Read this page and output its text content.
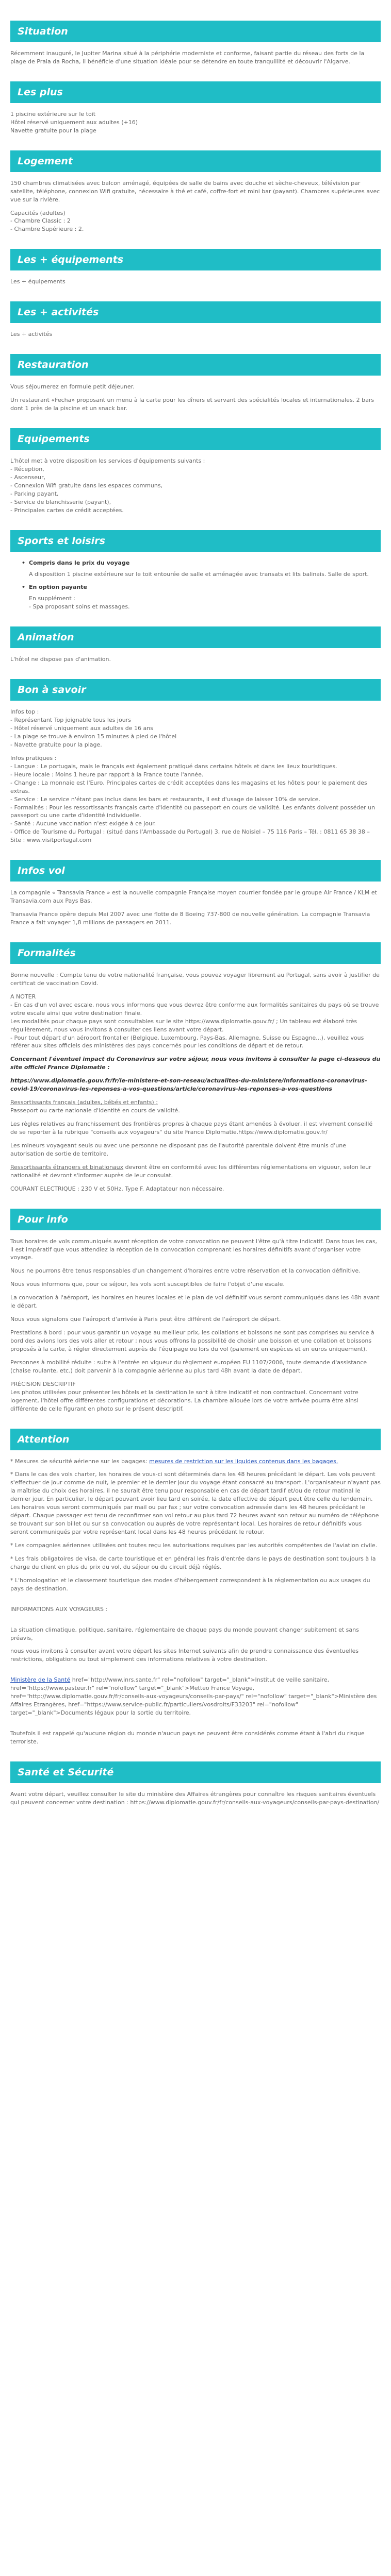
Situation

Récemment inauguré, le Jupiter Marina situé à la périphérie moderniste et conforme, faisant partie du réseau des forts de la plage de Praia da Rocha, il bénéficie d'une situation idéale pour se détendre en toute tranquillité et découvrir l'Algarve.

Les plus
1 piscine extérieure sur le toit
Hôtel réservé uniquement aux adultes (+16)
Navette gratuite pour la plage
Logement

150 chambres climatisées avec balcon aménagé, équipées de salle de bains avec douche et sèche-cheveux, télévision par satellite, téléphone, connexion Wifi gratuite, nécessaire à thé et café, coffre-fort et mini bar (payant). Chambres supérieures avec vue sur la rivière.

Capacités (adultes)
- Chambre Classic : 2
- Chambre Supérieure : 2.
Les + équipements

Les + équipements

Les + activités

Les + activités

Restauration

Vous séjournerez en formule petit déjeuner.

Un restaurant «Fecha» proposant un menu à la carte pour les dîners et servant des spécialités locales et internationales. 2 bars dont 1 près de la piscine et un snack bar.

Equipements
L'hôtel met à votre disposition les services d'équipements suivants :
- Réception,
- Ascenseur,
- Connexion Wifi gratuite dans les espaces communs,
- Parking payant,
- Service de blanchisserie (payant),
- Principales cartes de crédit acceptées.
Sports et loisirs
• Compris dans le prix du voyage
A disposition 1 piscine extérieure sur le toit entourée de salle et aménagée avec transats et lits balinais. Salle de sport.
• En option payante
En supplément :
- Spa proposant soins et massages.
Animation

L'hôtel ne dispose pas d'animation.

Bon à savoir
Infos top :
- Représentant Top joignable tous les jours
- Hôtel réservé uniquement aux adultes de 16 ans
- La plage se trouve à environ 15 minutes à pied de l'hôtel
- Navette gratuite pour la plage.
Infos pratiques :
- Langue : Le portugais, mais le français est également pratiqué dans certains hôtels et dans les lieux touristiques.
- Heure locale : Moins 1 heure par rapport à la France toute l'année.
- Change : La monnaie est l'Euro. Principales cartes de crédit acceptées dans les magasins et les hôtels pour le paiement des extras.
- Service : Le service n'étant pas inclus dans les bars et restaurants, il est d'usage de laisser 10% de service.
- Formalités : Pour les ressortissants français carte d'identité ou passeport en cours de validité. Les enfants doivent posséder un passeport ou une carte d'identité individuelle.
- Santé : Aucune vaccination n'est exigée à ce jour.
- Office de Tourisme du Portugal : (situé dans l'Ambassade du Portugal) 3, rue de Noisiel – 75 116 Paris – Tél. : 0811 65 38 38 – Site : www.visitportugal.com
Infos vol

La compagnie « Transavia France » est la nouvelle compagnie Française moyen courrier fondée par le groupe Air France / KLM et Transavia.com aux Pays Bas.

Transavia France opère depuis Mai 2007 avec une flotte de 8 Boeing 737-800 de nouvelle génération. La compagnie Transavia France a fait voyager 1,8 millions de passagers en 2011.

Formalités

Bonne nouvelle : Compte tenu de votre nationalité française, vous pouvez voyager librement au Portugal, sans avoir à justifier de certificat de vaccination Covid.

A NOTER
- En cas d'un vol avec escale, nous vous informons que vous devrez être conforme aux formalités sanitaires du pays où se trouve votre escale ainsi que votre destination finale.
Les modalités pour chaque pays sont consultables sur le site https://www.diplomatie.gouv.fr/ ; Un tableau est élaboré très régulièrement, nous vous invitons à consulter ces liens avant votre départ.
- Pour tout départ d'un aéroport frontalier (Belgique, Luxembourg, Pays-Bas, Allemagne, Suisse ou Espagne...), veuillez vous référer aux sites officiels des ministères des pays concernés pour les conditions de départ et de retour.

Concernant l'éventuel impact du Coronavirus sur votre séjour, nous vous invitons à consulter la page ci-dessous du site officiel France Diplomatie :

https://www.diplomatie.gouv.fr/fr/le-ministere-et-son-reseau/actualites-du-ministere/informations-coronavirus-covid-19/coronavirus-les-reponses-a-vos-questions/article/coronavirus-les-reponses-a-vos-questions

Ressortissants français (adultes, bébés et enfants) :
Passeport ou carte nationale d'identité en cours de validité.

Les règles relatives au franchissement des frontières propres à chaque pays étant amenées à évoluer, il est vivement conseillé de se reporter à la rubrique "conseils aux voyageurs" du site France Diplomatie.https://www.diplomatie.gouv.fr/

Les mineurs voyageant seuls ou avec une personne ne disposant pas de l'autorité parentale doivent être munis d'une autorisation de sortie de territoire.

Ressortissants étrangers et binationaux devront être en conformité avec les différentes réglementations en vigueur, selon leur nationalité et devront s'informer auprès de leur consulat.

COURANT ELECTRIQUE : 230 V et 50Hz. Type F. Adaptateur non nécessaire.

Pour info

Tous horaires de vols communiqués avant réception de votre convocation ne peuvent l'être qu'à titre indicatif. Dans tous les cas, il est impératif que vous attendiez la réception de la convocation comprenant les horaires définitifs avant d'organiser votre voyage.

Nous ne pourrons être tenus responsables d'un changement d'horaires entre votre réservation et la convocation définitive.

Nous vous informons que, pour ce séjour, les vols sont susceptibles de faire l'objet d'une escale.

La convocation à l'aéroport, les horaires en heures locales et le plan de vol définitif vous seront communiqués dans les 48h avant le départ.

Nous vous signalons que l'aéroport d'arrivée à Paris peut être différent de l'aéroport de départ.

Prestations à bord : pour vous garantir un voyage au meilleur prix, les collations et boissons ne sont pas comprises au service à bord des avions lors des vols aller et retour ; nous vous offrons la possibilité de choisir une boisson et une collation et boissons proposés à la carte, à régler directement auprès de l'équipage ou lors du vol (paiement en espèces et en euros uniquement).

Personnes à mobilité réduite : suite à l'entrée en vigueur du règlement européen EU 1107/2006, toute demande d'assistance (chaise roulante, etc.) doit parvenir à la compagnie aérienne au plus tard 48h avant la date de départ.

PRÉCISION DESCRIPTIF
Les photos utilisées pour présenter les hôtels et la destination le sont à titre indicatif et non contractuel. Concernant votre logement, l'hôtel offre différentes configurations et décorations. La chambre allouée lors de votre arrivée pourra être ainsi différente de celle figurant en photo sur le présent descriptif.
Attention

* Mesures de sécurité aérienne sur les bagages: mesures de restriction sur les liquides contenus dans les bagages.

* Dans le cas des vols charter, les horaires de vous-ci sont déterminés dans les 48 heures précédant le départ. Les vols peuvent s'effectuer de jour comme de nuit, le premier et le dernier jour du voyage étant consacré au transport. L'organisateur n'ayant pas la maîtrise du choix des horaires, il ne saurait être tenu pour responsable en cas de départ tardif et/ou de retour matinal le dernier jour. En particulier, le départ pouvant avoir lieu tard en soirée, la date effective de départ peut être celle du lendemain. Les horaires vous seront communiqués par mail ou par fax ; sur votre convocation adressée dans les 48 heures précédant le départ. Chaque passager est tenu de reconfirmer son vol retour au plus tard 72 heures avant son retour au numéro de téléphone se trouvant sur son billet ou sur sa convocation ou auprès de votre représentant local. Les horaires de retour définitifs vous seront communiqués par votre représentant local dans les 48 heures précédant le retour.

* Les compagnies aériennes utilisées ont toutes reçu les autorisations requises par les autorités compétentes de l'aviation civile.

* Les frais obligatoires de visa, de carte touristique et en général les frais d'entrée dans le pays de destination sont toujours à la charge du client en plus du prix du vol, du séjour ou du circuit déjà réglés.

* L'homologation et le classement touristique des modes d'hébergement correspondent à la réglementation ou aux usages du pays de destination.

INFORMATIONS AUX VOYAGEURS :

La situation climatique, politique, sanitaire, réglementaire de chaque pays du monde pouvant changer subitement et sans préavis,

nous vous invitons à consulter avant votre départ les sites Internet suivants afin de prendre connaissance des éventuelles restrictions, obligations ou tout simplement des informations relatives à votre destination.

Ministère de la Santé href="http://www.inrs.sante.fr" rel="nofollow" target="_blank">Institut de veille sanitaire, href="https://www.pasteur.fr" rel="nofollow" target="_blank">Metteo France Voyage, href="http://www.diplomatie.gouv.fr/fr/conseils-aux-voyageurs/conseils-par-pays/" rel="nofollow" target="_blank">Ministère des Affaires Etrangères, href="https://www.service-public.fr/particuliers/vosdroits/F33203" rel="nofollow" target="_blank">Documents légaux pour la sortie du territoire.

Toutefois il est rappelé qu'aucune région du monde n'aucun pays ne peuvent être considérés comme étant à l'abri du risque terroriste.

Santé et Sécurité

Avant votre départ, veuillez consulter le site du ministère des Affaires étrangères pour connaître les risques sanitaires éventuels qui peuvent concerner votre destination : https://www.diplomatie.gouv.fr/fr/conseils-aux-voyageurs/conseils-par-pays-destination/
